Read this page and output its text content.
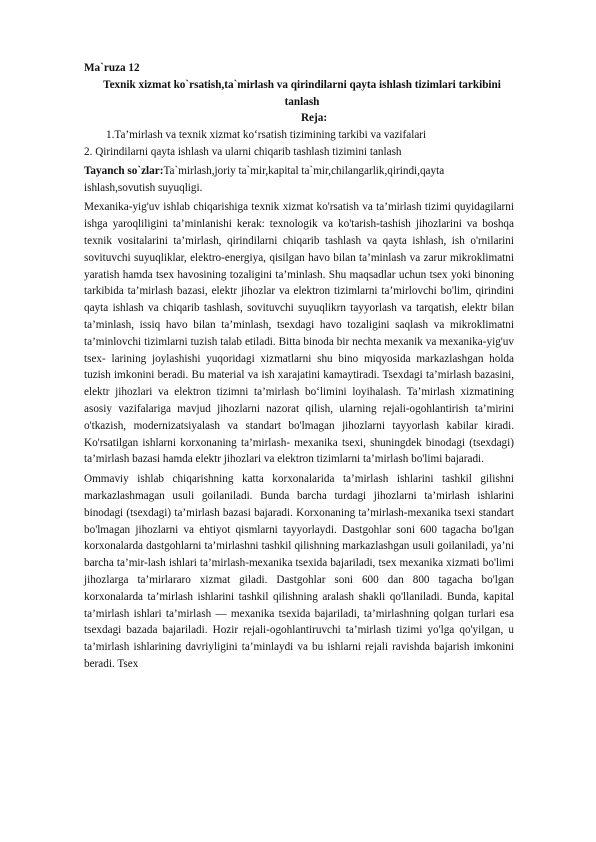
Ma`ruza 12

Texnik xizmat ko`rsatish,ta`mirlash va qirindilarni qayta ishlash tizimlari tarkibini tanlash

Reja:

1.Ta’mirlash va texnik xizmat ko‘rsatish tizimining tarkibi va vazifalari

2. Qirindilarni qayta ishlash va ularni chiqarib tashlash tizimini tanlash

Tayanch so`zlar:Ta`mirlash,joriy ta`mir,kapital ta`mir,chilangarlik,qirindi,qayta ishlash,sovutish suyuqligi.

Mexanika-yig'uv ishlab chiqarishiga texnik xizmat ko'rsatish va ta’mirlash tizimi quyidagilarni ishga yaroqliligini ta’minlanishi kerak: texnologik va ko'tarish-tashish jihozlarini va boshqa texnik vositalarini ta’mirlash, qirindilarni chiqarib tashlash va qayta ishlash, ish o'rnilarini sovituvchi suyuqliklar, elektro-energiya, qisilgan havo bilan ta’minlash va zarur mikroklimatni yaratish hamda tsex havosining tozaligini ta’minlash. Shu maqsadlar uchun tsex yoki binoning tarkibida ta’mirlash bazasi, elektr jihozlar va elektron tizimlarni ta’mirlovchi bo'lim, qirindini qayta ishlash va chiqarib tashlash, sovituvchi suyuqlikrn tayyorlash va tarqatish, elektr bilan ta’minlash, issiq havo bilan ta’minlash, tsexdagi havo tozaligini saqlash va mikroklimatni ta’minlovchi tizimlarni tuzish talab etiladi. Bitta binoda bir nechta mexanik va mexanika-yig'uv tsex- larining joylashishi yuqoridagi xizmatlarni shu bino miqyosida markazlashgan holda tuzish imkonini beradi. Bu material va ish xarajatini kamaytiradi. Tsexdagi ta’mirlash bazasini, elektr jihozlari va elektron tizimni ta’mirlash bo‘limini loyihalash. Ta’mirlash xizmatining asosiy vazifalariga mavjud jihozlarni nazorat qilish, ularning rejali-ogohlantirish ta’mirini o'tkazish, modernizatsiyalash va standart bo'lmagan jihozlarni tayyorlash kabilar kiradi. Ko'rsatilgan ishlarni korxonaning ta’mirlash- mexanika tsexi, shuningdek binodagi (tsexdagi) ta’mirlash bazasi hamda elektr jihozlari va elektron tizimlarni ta’mirlash bo'limi bajaradi.

Ommaviy ishlab chiqarishning katta korxonalarida ta’mirlash ishlarini tashkil gilishni markazlashmagan usuli goilaniladi. Bunda barcha turdagi jihozlarni ta’mirlash ishlarini binodagi (tsexdagi) ta’mirlash bazasi bajaradi. Korxonaning ta’mirlash-mexanika tsexi standart bo'lmagan jihozlarni va ehtiyot qismlarni tayyorlaydi. Dastgohlar soni 600 tagacha bo'lgan korxonalarda dastgohlarni ta’mirlashni tashkil qilishning markazlashgan usuli goilaniladi, ya’ni barcha ta’mir-lash ishlari ta’mirlash-mexanika tsexida bajariladi, tsex mexanika xizmati bo'limi jihozlarga ta’mirlararo xizmat giladi. Dastgohlar soni 600 dan 800 tagacha bo'lgan korxonalarda ta’mirlash ishlarini tashkil qilishning aralash shakli qo'llaniladi. Bunda, kapital ta’mirlash ishlari ta’mirlash — mexanika tsexida bajariladi, ta’mirlashning qolgan turlari esa tsexdagi bazada bajariladi. Hozir rejali-ogohlantiruvchi ta’mirlash tizimi yo'lga qo'yilgan, u ta’mirlash ishlarining davriyligini ta’minlaydi va bu ishlarni rejali ravishda bajarish imkonini beradi. Tsex
